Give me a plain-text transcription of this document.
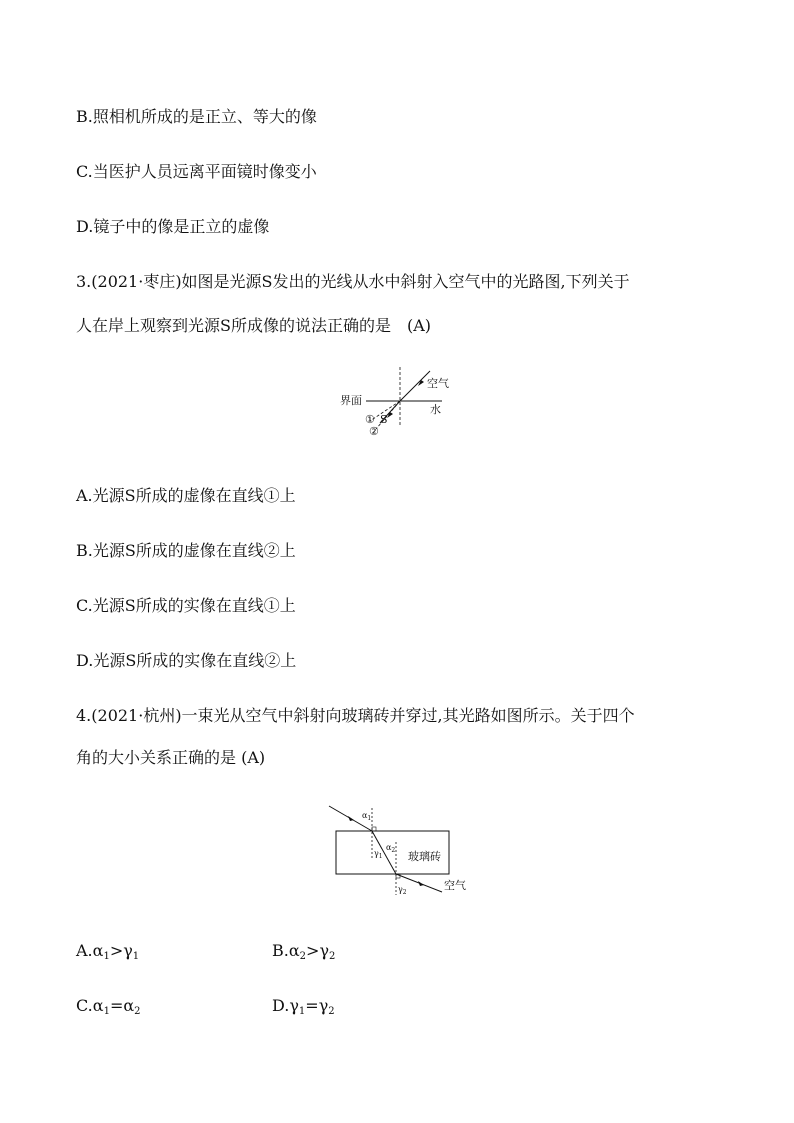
B.照相机所成的是正立、等大的像
C.当医护人员远离平面镜时像变小
D.镜子中的像是正立的虚像
3.(2021·枣庄)如图是光源S发出的光线从水中斜射入空气中的光路图,下列关于
人在岸上观察到光源S所成像的说法正确的是　(A)
空气
界面
水
①
②
S
A.光源S所成的虚像在直线①上
B.光源S所成的虚像在直线②上
C.光源S所成的实像在直线①上
D.光源S所成的实像在直线②上
4.(2021·杭州)一束光从空气中斜射向玻璃砖并穿过,其光路如图所示。关于四个
角的大小关系正确的是 (A)
$\alpha_1$
$\gamma_1$
$\alpha_2$
$\gamma_2$
玻璃砖
空气
$A.\alpha_1>\gamma_1$	$B.\alpha_2>\gamma_2$
$C.\alpha_1=\alpha_2$	$D.\gamma_1=\gamma_2$
